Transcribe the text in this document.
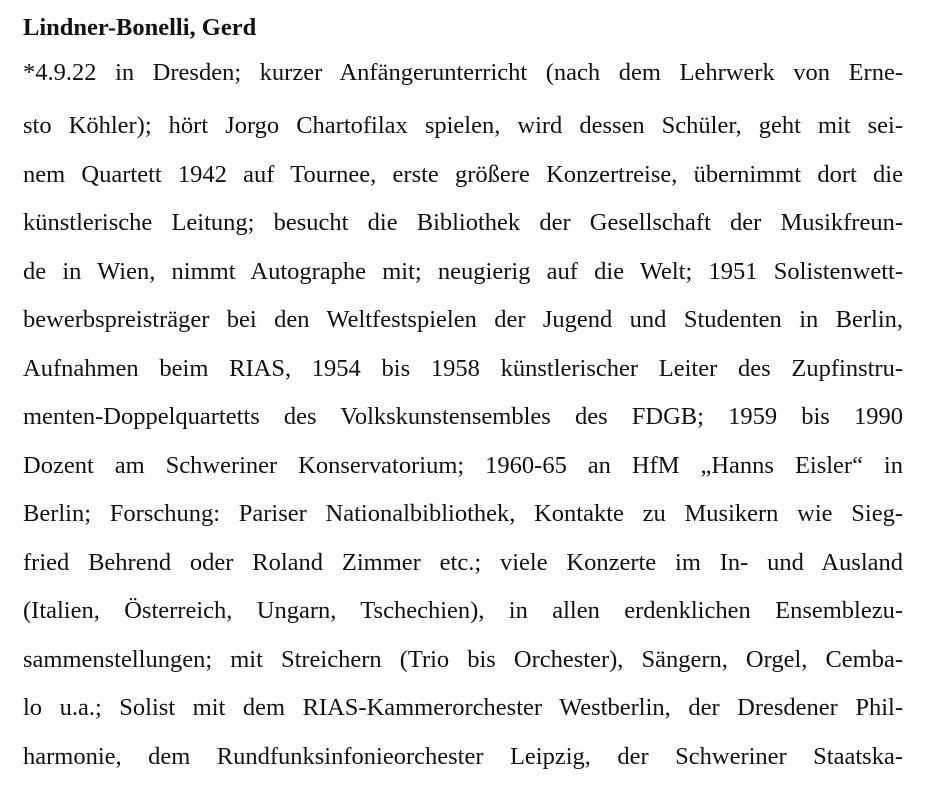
Lindner-Bonelli, Gerd
*4.9.22 in Dresden; kurzer Anfängerunterricht (nach dem Lehrwerk von Erne-
sto Köhler); hört Jorgo Chartofilax spielen, wird dessen Schüler, geht mit sei-
nem Quartett 1942 auf Tournee, erste größere Konzertreise, übernimmt dort die
künstlerische Leitung; besucht die Bibliothek der Gesellschaft der Musikfreun-
de in Wien, nimmt Autographe mit; neugierig auf die Welt; 1951 Solistenwett-
bewerbspreisträger bei den Weltfestspielen der Jugend und Studenten in Berlin,
Aufnahmen beim RIAS, 1954 bis 1958 künstlerischer Leiter des Zupfinstru-
menten-Doppelquartetts des Volkskunstensembles des FDGB; 1959 bis 1990
Dozent am Schweriner Konservatorium; 1960-65 an HfM „Hanns Eisler“ in
Berlin; Forschung: Pariser Nationalbibliothek, Kontakte zu Musikern wie Sieg-
fried Behrend oder Roland Zimmer etc.; viele Konzerte im In- und Ausland
(Italien, Österreich, Ungarn, Tschechien), in allen erdenklichen Ensemblezu-
sammenstellungen; mit Streichern (Trio bis Orchester), Sängern, Orgel, Cemba-
lo u.a.; Solist mit dem RIAS-Kammerorchester Westberlin, der Dresdener Phil-
harmonie, dem Rundfunksinfonieorchester Leipzig, der Schweriner Staatska-
